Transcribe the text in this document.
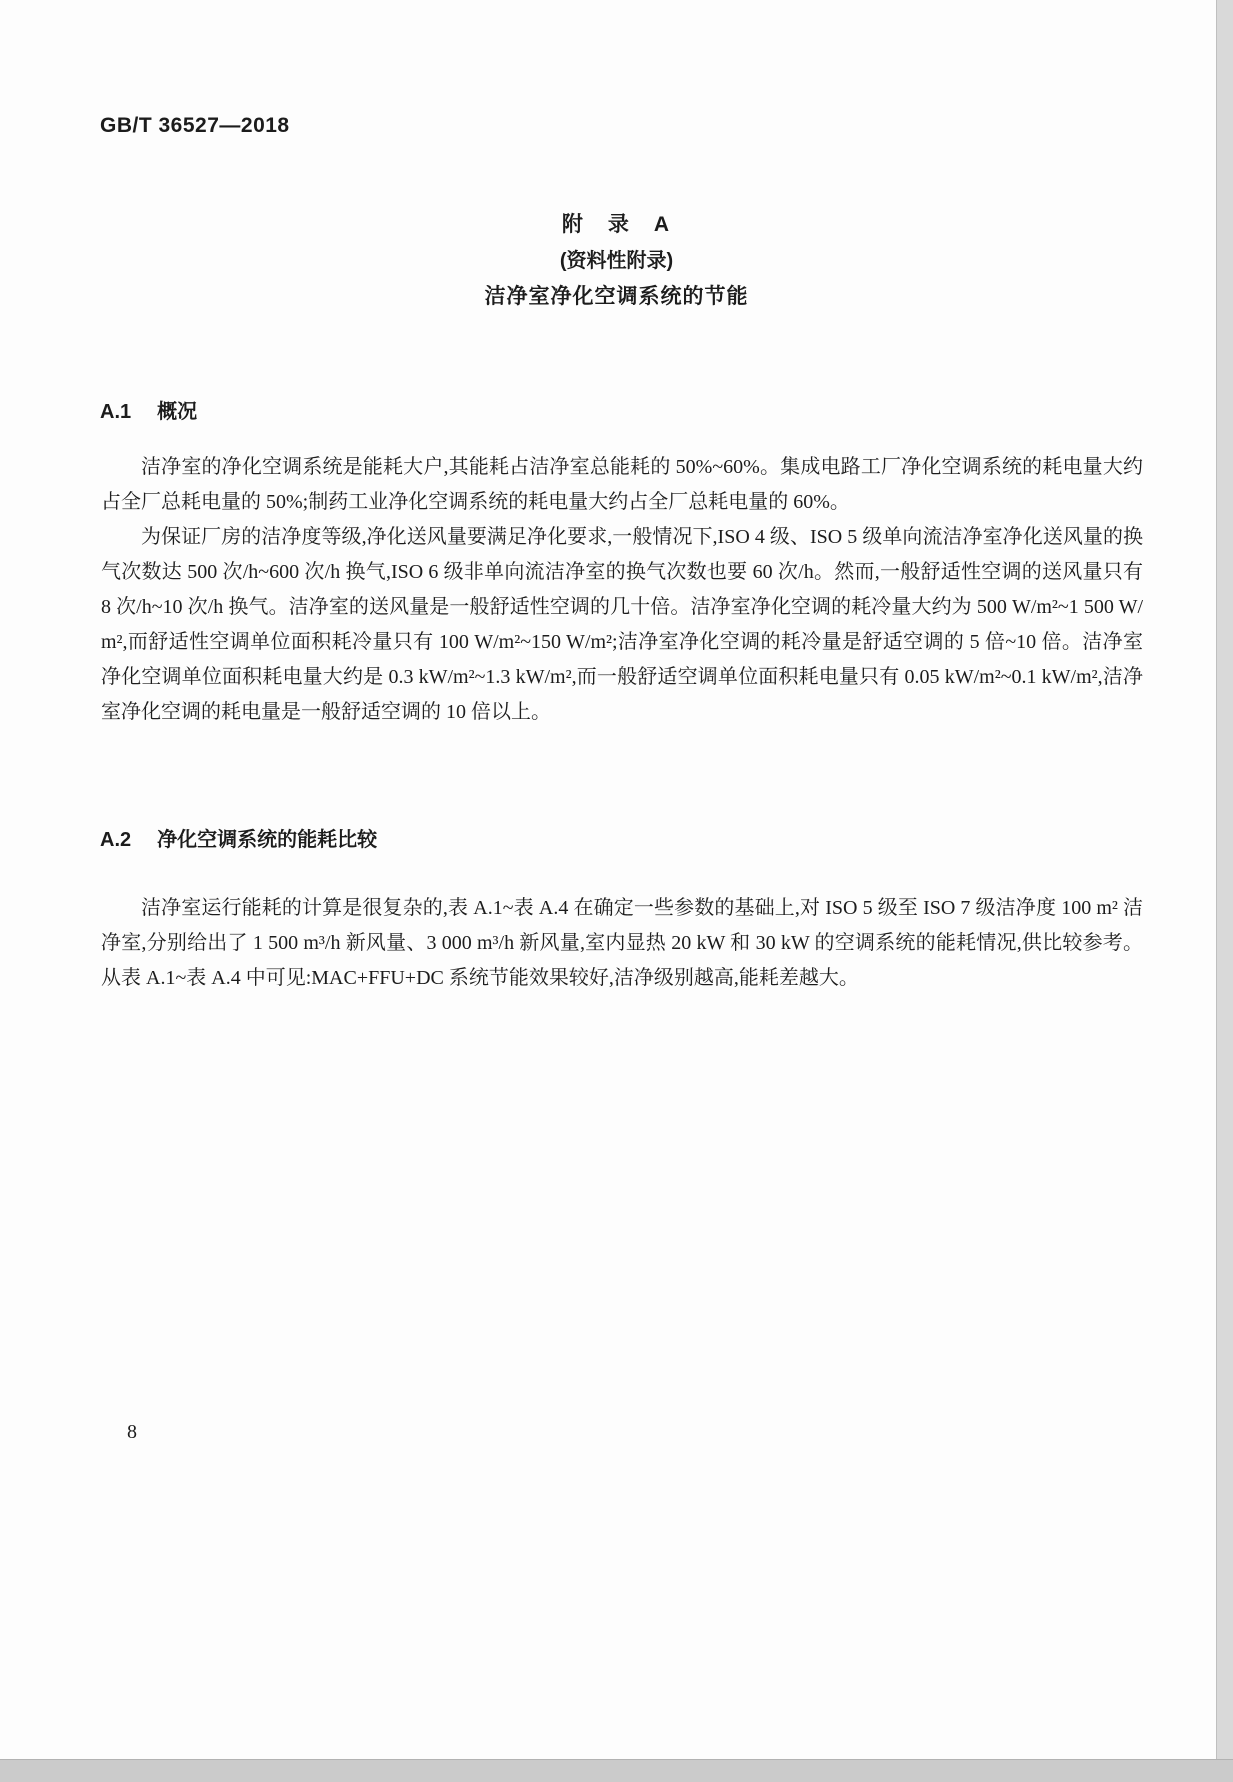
GB/T 36527—2018
附　录　A
(资料性附录)
洁净室净化空调系统的节能
A.1 概况

洁净室的净化空调系统是能耗大户,其能耗占洁净室总能耗的 50%~60%。集成电路工厂净化空调系统的耗电量大约占全厂总耗电量的 50%;制药工业净化空调系统的耗电量大约占全厂总耗电量的 60%。

为保证厂房的洁净度等级,净化送风量要满足净化要求,一般情况下,ISO 4 级、ISO 5 级单向流洁净室净化送风量的换气次数达 500 次/h~600 次/h 换气,ISO 6 级非单向流洁净室的换气次数也要 60 次/h。然而,一般舒适性空调的送风量只有 8 次/h~10 次/h 换气。洁净室的送风量是一般舒适性空调的几十倍。洁净室净化空调的耗冷量大约为 500 W/m²~1 500 W/m²,而舒适性空调单位面积耗冷量只有 100 W/m²~150 W/m²;洁净室净化空调的耗冷量是舒适空调的 5 倍~10 倍。洁净室净化空调单位面积耗电量大约是 0.3 kW/m²~1.3 kW/m²,而一般舒适空调单位面积耗电量只有 0.05 kW/m²~0.1 kW/m²,洁净室净化空调的耗电量是一般舒适空调的 10 倍以上。

A.2 净化空调系统的能耗比较

洁净室运行能耗的计算是很复杂的,表 A.1~表 A.4 在确定一些参数的基础上,对 ISO 5 级至 ISO 7 级洁净度 100 m² 洁净室,分别给出了 1 500 m³/h 新风量、3 000 m³/h 新风量,室内显热 20 kW 和 30 kW 的空调系统的能耗情况,供比较参考。从表 A.1~表 A.4 中可见:MAC+FFU+DC 系统节能效果较好,洁净级别越高,能耗差越大。

8
